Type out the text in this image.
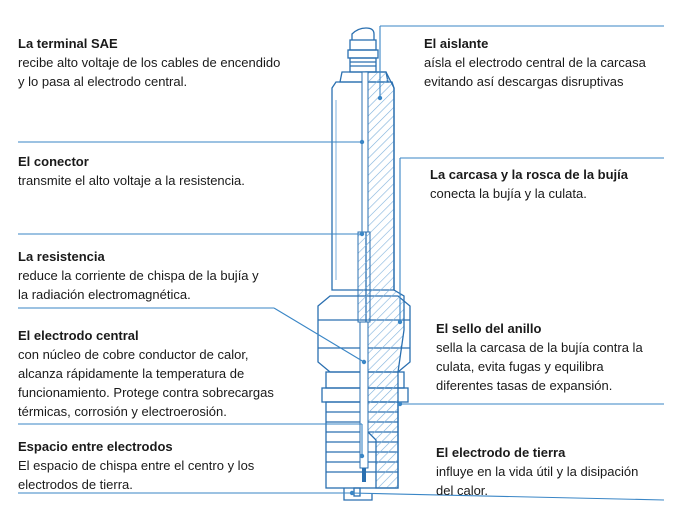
La terminal SAE
recibe alto voltaje de los cables de encendido
y lo pasa al electrodo central.
El conector
transmite el alto voltaje a la resistencia.
La resistencia
reduce la corriente de chispa de la bujía y
la radiación electromagnética.
El electrodo central
con núcleo de cobre conductor de calor,
alcanza rápidamente la temperatura de
funcionamiento. Protege contra sobrecargas
térmicas, corrosión y electroerosión.
Espacio entre electrodos
El espacio de chispa entre el centro y los
electrodos de tierra.
El aislante
aísla el electrodo central de la carcasa
evitando así descargas disruptivas
La carcasa y la rosca de la bujía
conecta la bujía y la culata.
El sello del anillo
sella la carcasa de la bujía contra la
culata, evita fugas y equilibra
diferentes tasas de expansión.
El electrodo de tierra
influye en la vida útil y la disipación
del calor.
